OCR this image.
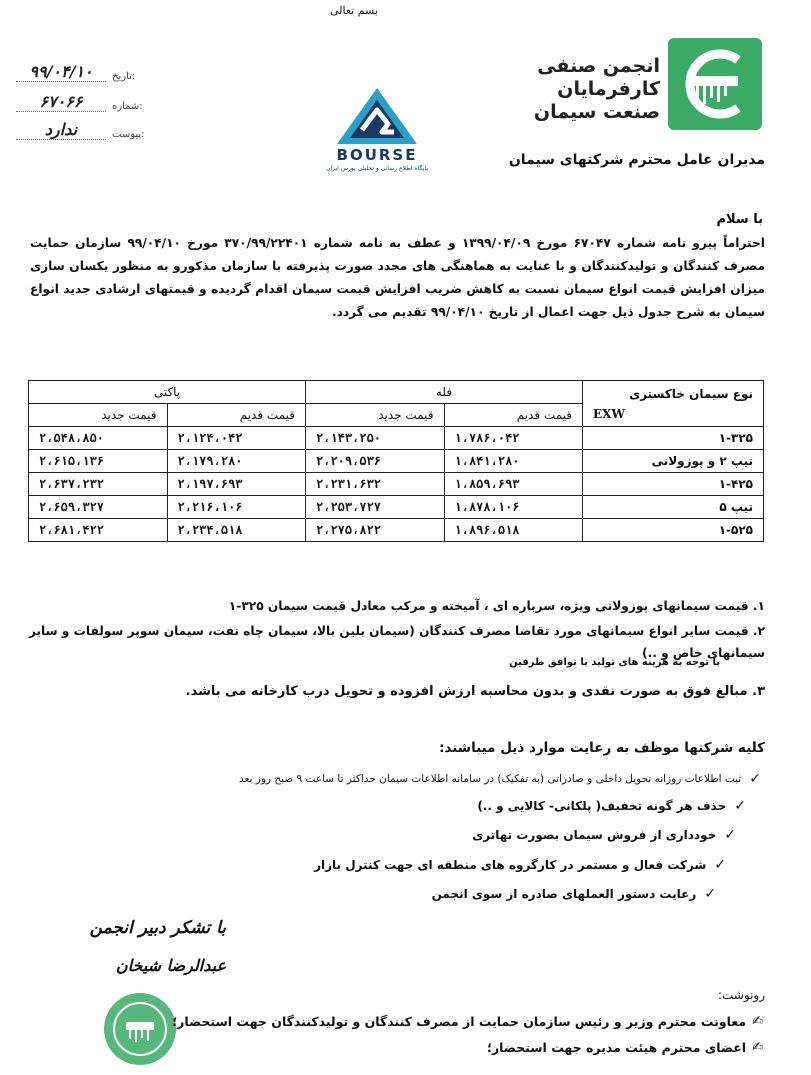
بسم تعالی
۹۹/۰۴/۱۰	تاریخ:
۶۷۰۶۶	شماره:
ندارد	پیوست:
انجمن صنفی
کارفرمایان
صنعت سیمان
BOURSE
پایگاه اطلاع رسانی و تحلیلی بورس ایران
مدیران عامل محترم شرکتهای سیمان
با سلام
احتراماً پیرو نامه شماره ۶۷۰۴۷ مورخ ۱۳۹۹/۰۴/۰۹ و عطف به نامه شماره ۳۷۰/۹۹/۲۲۴۰۱ مورخ ۹۹/۰۴/۱۰ سازمان حمایت مصرف کنندگان و تولیدکنندگان و با عنایت به هماهنگی های مجدد صورت پذیرفته با سازمان مذکورو به منظور یکسان سازی میزان افزایش قیمت انواع سیمان نسبت به کاهش ضریب افزایش قیمت سیمان اقدام گردیده و قیمتهای ارشادی جدید انواع سیمان به شرح جدول ذیل جهت اعمال از تاریخ ۹۹/۰۴/۱۰ تقدیم می گردد.
نوع سیمان خاکستری
EXW	فله		پاکتی	
	قیمت قدیم	قیمت جدید	قیمت قدیم	قیمت جدید
۱-۳۲۵	۱،۷۸۶،۰۴۲	۲،۱۴۳،۲۵۰	۲،۱۲۴،۰۴۲	۲،۵۴۸،۸۵۰
تیپ ۲ و پوزولانی	۱،۸۴۱،۲۸۰	۲،۲۰۹،۵۳۶	۲،۱۷۹،۲۸۰	۲،۶۱۵،۱۳۶
۱-۴۲۵	۱،۸۵۹،۶۹۳	۲،۲۳۱،۶۳۲	۲،۱۹۷،۶۹۳	۲،۶۳۷،۲۳۲
تیپ ۵	۱،۸۷۸،۱۰۶	۲،۲۵۳،۷۲۷	۲،۲۱۶،۱۰۶	۲،۶۵۹،۳۲۷
۱-۵۲۵	۱،۸۹۶،۵۱۸	۲،۲۷۵،۸۲۲	۲،۲۳۴،۵۱۸	۲،۶۸۱،۴۲۲
۱. قیمت سیمانهای پوزولانی ویژه، سرباره ای ، آمیخته و مرکب معادل قیمت سیمان ۳۲۵-۱
۲. قیمت سایر انواع سیمانهای مورد تقاضا مصرف کنندگان (سیمان بلین بالا، سیمان چاه نفت، سیمان سوپر سولفات و سایر سیمانهای خاص و ..)
با توجه به هزینه های تولید با توافق طرفین
۳. مبالغ فوق به صورت نقدی و بدون محاسبه ارزش افزوده و تحویل درب کارخانه می باشد.
کلیه شرکتها موظف به رعایت موارد ذیل میباشند:
✓
ثبت اطلاعات روزانه تحویل داخلی و صادراتی (به تفکیک) در سامانه اطلاعات سیمان حداکثر تا ساعت ۹ صبح روز بعد
✓
حذف هر گونه تخفیف( پلکانی- کالایی و ..)
✓
خودداری از فروش سیمان بصورت تهاتری
✓
شرکت فعال و مستمر در کارگروه های منطقه ای جهت کنترل بازار
✓
رعایت دستور العملهای صادره از سوی انجمن
با تشکر دبیر انجمن
عبدالرضا شیخان
رونوشت:
✍
معاونت محترم وزیر و رئیس سازمان حمایت از مصرف کنندگان و تولیدکنندگان جهت استحضار؛
✍
اعضای محترم هیئت مدیره جهت استحضار؛
